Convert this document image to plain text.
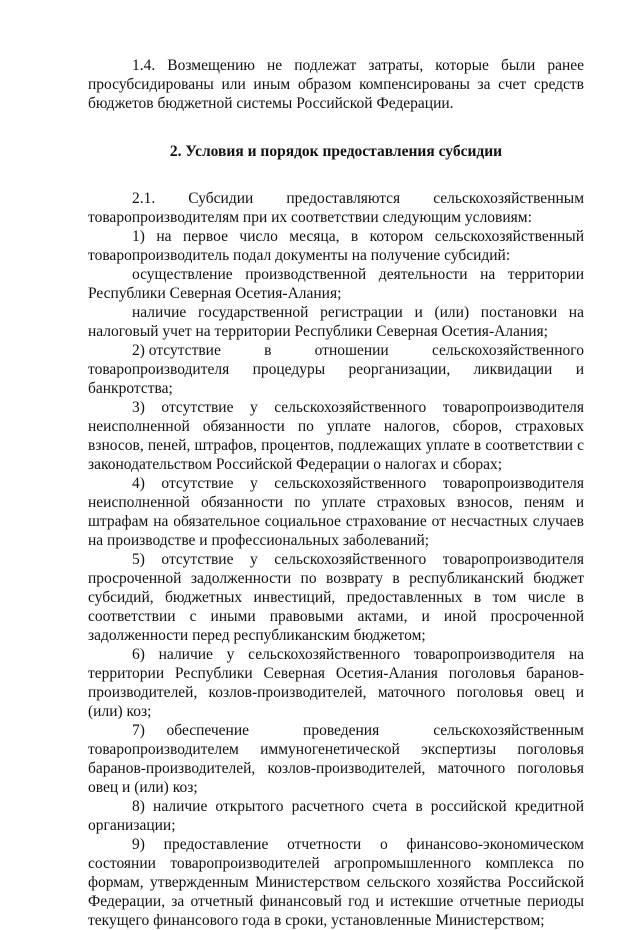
1.4. Возмещению не подлежат затраты, которые были ранее просубсидированы или иным образом компенсированы за счет средств бюджетов бюджетной системы Российской Федерации.

2. Условия и порядок предоставления субсидии

2.1. Субсидии предоставляются сельскохозяйственным

товаропроизводителям при их соответствии следующим условиям:

1) на первое число месяца, в котором сельскохозяйственный товаропроизводитель подал документы на получение субсидий:

осуществление производственной деятельности на территории Республики Северная Осетия-Алания;

наличие государственной регистрации и (или) постановки на налоговый учет на территории Республики Северная Осетия-Алания;

2) отсутствие	в	отношении	сельскохозяйственного

товаропроизводителя процедуры реорганизации, ликвидации и банкротства;

3) отсутствие у сельскохозяйственного товаропроизводителя неисполненной обязанности по уплате налогов, сборов, страховых взносов, пеней, штрафов, процентов, подлежащих уплате в соответствии с законодательством Российской Федерации о налогах и сборах;

4) отсутствие у сельскохозяйственного товаропроизводителя неисполненной обязанности по уплате страховых взносов, пеням и штрафам на обязательное социальное страхование от несчастных случаев на производстве и профессиональных заболеваний;

5) отсутствие у сельскохозяйственного товаропроизводителя просроченной задолженности по возврату в республиканский бюджет субсидий, бюджетных инвестиций, предоставленных в том числе в соответствии с иными правовыми актами, и иной просроченной задолженности перед республиканским бюджетом;

6) наличие у сельскохозяйственного товаропроизводителя на территории Республики Северная Осетия-Алания поголовья баранов-производителей, козлов-производителей, маточного поголовья овец и (или) коз;

7) обеспечение	проведения	сельскохозяйственным

товаропроизводителем иммуногенетической экспертизы поголовья баранов-производителей, козлов-производителей, маточного поголовья овец и (или) коз;

8) наличие открытого расчетного счета в российской кредитной организации;

9) предоставление отчетности о финансово-экономическом состоянии товаропроизводителей агропромышленного комплекса по формам, утвержденным Министерством сельского хозяйства Российской Федерации, за отчетный финансовый год и истекшие отчетные периоды текущего финансового года в сроки, установленные Министерством;
